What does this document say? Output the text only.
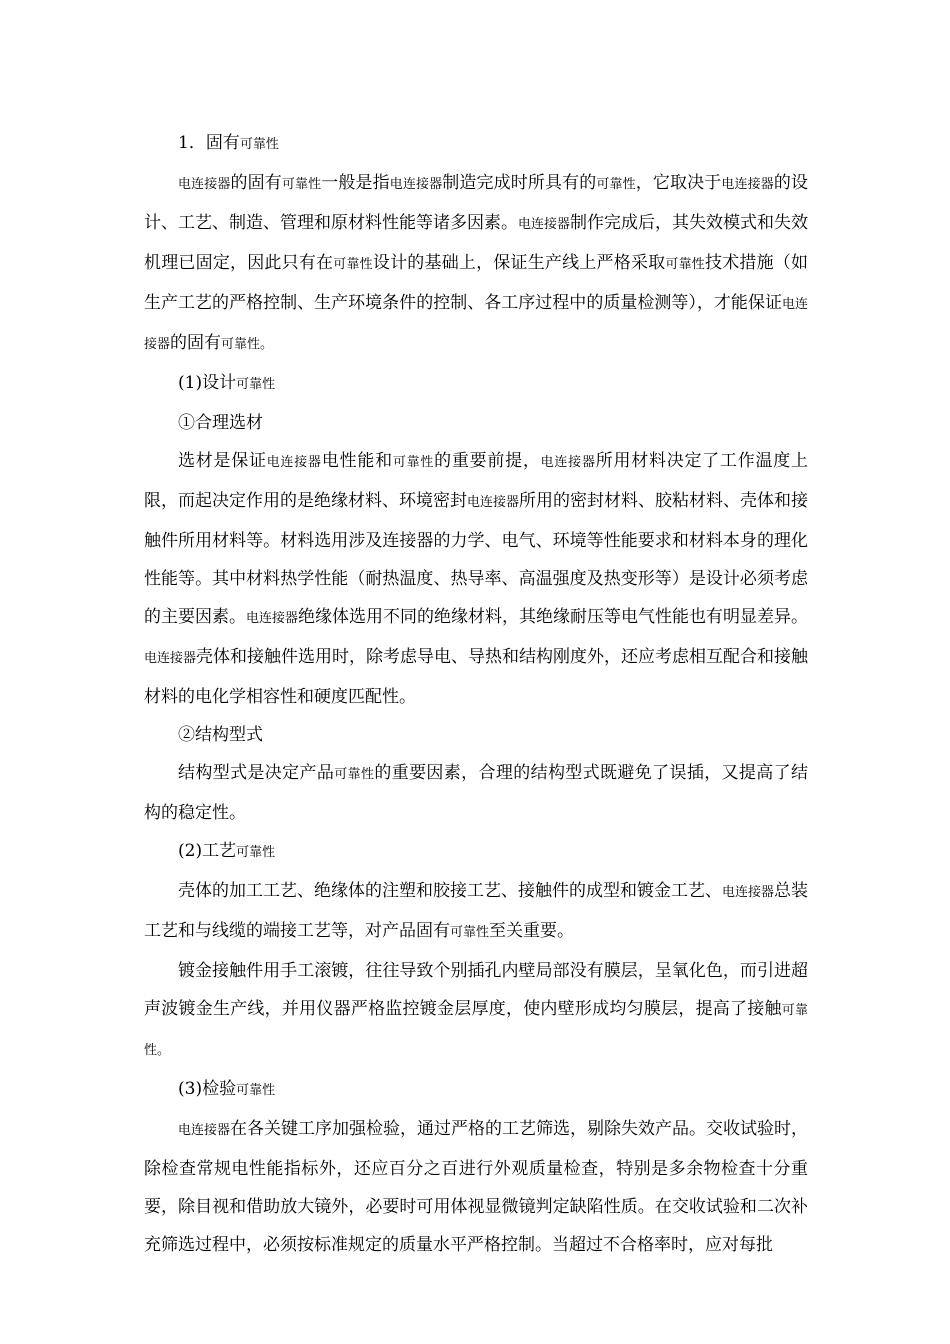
1．固有可靠性

电连接器的固有可靠性一般是指电连接器制造完成时所具有的可靠性，它取决于电连接器的设计、工艺、制造、管理和原材料性能等诸多因素。电连接器制作完成后，其失效模式和失效机理已固定，因此只有在可靠性设计的基础上，保证生产线上严格采取可靠性技术措施（如生产工艺的严格控制、生产环境条件的控制、各工序过程中的质量检测等），才能保证电连接器的固有可靠性。

(1)设计可靠性

①合理选材

选材是保证电连接器电性能和可靠性的重要前提，电连接器所用材料决定了工作温度上限，而起决定作用的是绝缘材料、环境密封电连接器所用的密封材料、胶粘材料、壳体和接触件所用材料等。材料选用涉及连接器的力学、电气、环境等性能要求和材料本身的理化性能等。其中材料热学性能（耐热温度、热导率、高温强度及热变形等）是设计必须考虑的主要因素。电连接器绝缘体选用不同的绝缘材料，其绝缘耐压等电气性能也有明显差异。电连接器壳体和接触件选用时，除考虑导电、导热和结构刚度外，还应考虑相互配合和接触材料的电化学相容性和硬度匹配性。

②结构型式

结构型式是决定产品可靠性的重要因素，合理的结构型式既避免了误插，又提高了结构的稳定性。

(2)工艺可靠性

壳体的加工工艺、绝缘体的注塑和胶接工艺、接触件的成型和镀金工艺、电连接器总装工艺和与线缆的端接工艺等，对产品固有可靠性至关重要。

镀金接触件用手工滚镀，往往导致个别插孔内壁局部没有膜层，呈氧化色，而引进超声波镀金生产线，并用仪器严格监控镀金层厚度，使内壁形成均匀膜层，提高了接触可靠性。

(3)检验可靠性

电连接器在各关键工序加强检验，通过严格的工艺筛选，剔除失效产品。交收试验时，除检查常规电性能指标外，还应百分之百进行外观质量检查，特别是多余物检查十分重要，除目视和借助放大镜外，必要时可用体视显微镜判定缺陷性质。在交收试验和二次补充筛选过程中，必须按标准规定的质量水平严格控制。当超过不合格率时，应对每批
